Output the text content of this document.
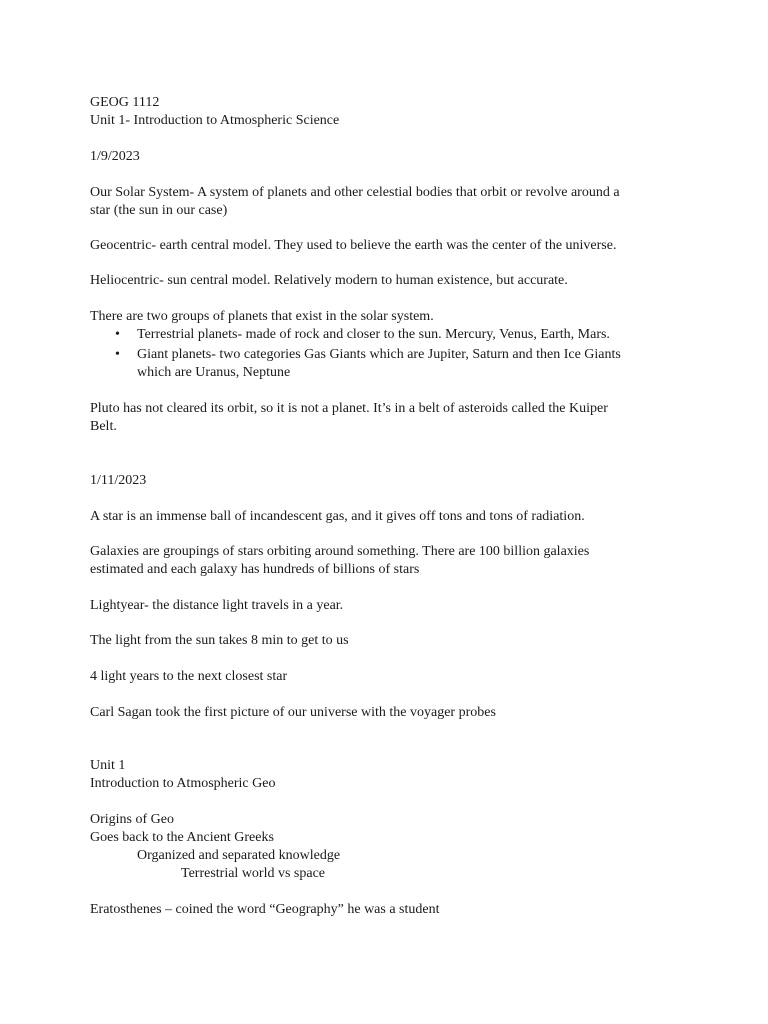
GEOG 1112
Unit 1- Introduction to Atmospheric Science
1/9/2023
Our Solar System- A system of planets and other celestial bodies that orbit or revolve around a
star (the sun in our case)
Geocentric- earth central model. They used to believe the earth was the center of the universe.
Heliocentric- sun central model. Relatively modern to human existence, but accurate.
There are two groups of planets that exist in the solar system.
• Terrestrial planets- made of rock and closer to the sun. Mercury, Venus, Earth, Mars.
• Giant planets- two categories Gas Giants which are Jupiter, Saturn and then Ice Giants
which are Uranus, Neptune
Pluto has not cleared its orbit, so it is not a planet. It’s in a belt of asteroids called the Kuiper
Belt.
1/11/2023
A star is an immense ball of incandescent gas, and it gives off tons and tons of radiation.
Galaxies are groupings of stars orbiting around something. There are 100 billion galaxies
estimated and each galaxy has hundreds of billions of stars
Lightyear- the distance light travels in a year.
The light from the sun takes 8 min to get to us
4 light years to the next closest star
Carl Sagan took the first picture of our universe with the voyager probes
Unit 1
Introduction to Atmospheric Geo
Origins of Geo
Goes back to the Ancient Greeks
Organized and separated knowledge
Terrestrial world vs space
Eratosthenes – coined the word “Geography” he was a student
